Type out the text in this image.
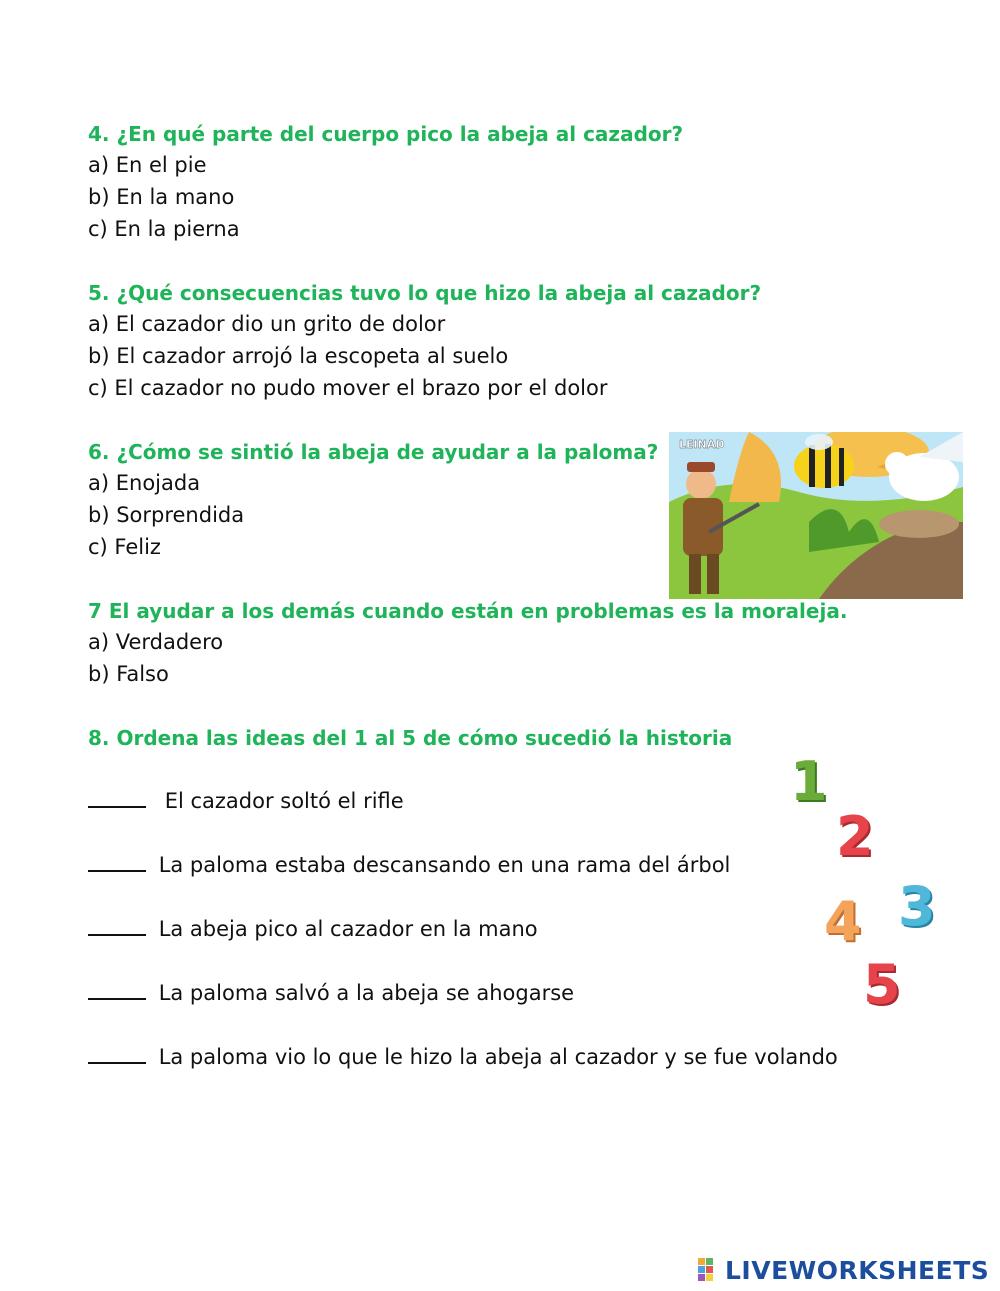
4. ¿En qué parte del cuerpo pico la abeja al cazador?
a) En el pie
b) En la mano
c) En la pierna
5. ¿Qué consecuencias tuvo lo que hizo la abeja al cazador?
a) El cazador dio un grito de dolor
b) El cazador arrojó la escopeta al suelo
c) El cazador no pudo mover el brazo por el dolor
6. ¿Cómo se sintió la abeja de ayudar a la paloma?
a) Enojada
b) Sorprendida
c) Feliz
LEINAD
7 El ayudar a los demás cuando están en problemas es la moraleja.
a) Verdadero
b) Falso
8. Ordena las ideas del 1 al 5 de cómo sucedió la historia
El cazador soltó el rifle
La paloma estaba descansando en una rama del árbol
La abeja pico al cazador en la mano
La paloma salvó a la abeja se ahogarse
La paloma vio lo que le hizo la abeja al cazador y se fue volando
1
2
3
4
5
LIVEWORKSHEETS
